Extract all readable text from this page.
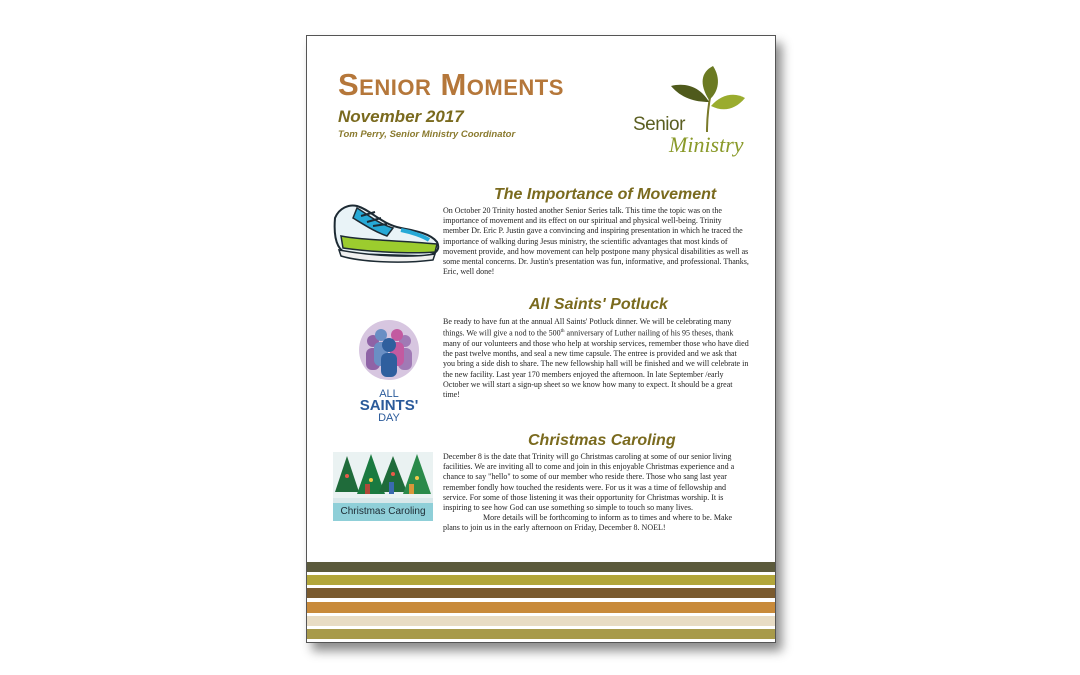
Senior Moments
November 2017
Tom Perry, Senior Ministry Coordinator	Senior
Ministry
The Importance of Movement

On October 20 Trinity hosted another Senior Series talk. This time the topic was on the importance of movement and its effect on our spiritual and physical well-being. Trinity member Dr. Eric P. Justin gave a convincing and inspiring presentation in which he traced the importance of walking during Jesus ministry, the scientific advantages that most kinds of movement provide, and how movement can help postpone many physical disabilities as well as some mental concerns. Dr. Justin's presentation was fun, informative, and professional. Thanks, Eric, well done!

All Saints' Potluck
ALL
SAINTS'
DAY

Be ready to have fun at the annual All Saints' Potluck dinner. We will be celebrating many things. We will give a nod to the 500th anniversary of Luther nailing of his 95 theses, thank many of our volunteers and those who help at worship services, remember those who have died the past twelve months, and seal a new time capsule. The entree is provided and we ask that you bring a side dish to share. The new fellowship hall will be finished and we will celebrate in the new facility. Last year 170 members enjoyed the afternoon. In late September /early October we will start a sign-up sheet so we know how many to expect. It should be a great time!

Christmas Caroling
Christmas Caroling

December 8 is the date that Trinity will go Christmas caroling at some of our senior living facilities. We are inviting all to come and join in this enjoyable Christmas experience and a chance to say "hello" to some of our member who reside there. Those who sang last year remember fondly how touched the residents were. For us it was a time of fellowship and service. For some of those listening it was their opportunity for Christmas worship. It is inspiring to see how God can use something so simple to touch so many lives.

More details will be forthcoming to inform as to times and where to be. Make plans to join us in the early afternoon on Friday, December 8. NOEL!
